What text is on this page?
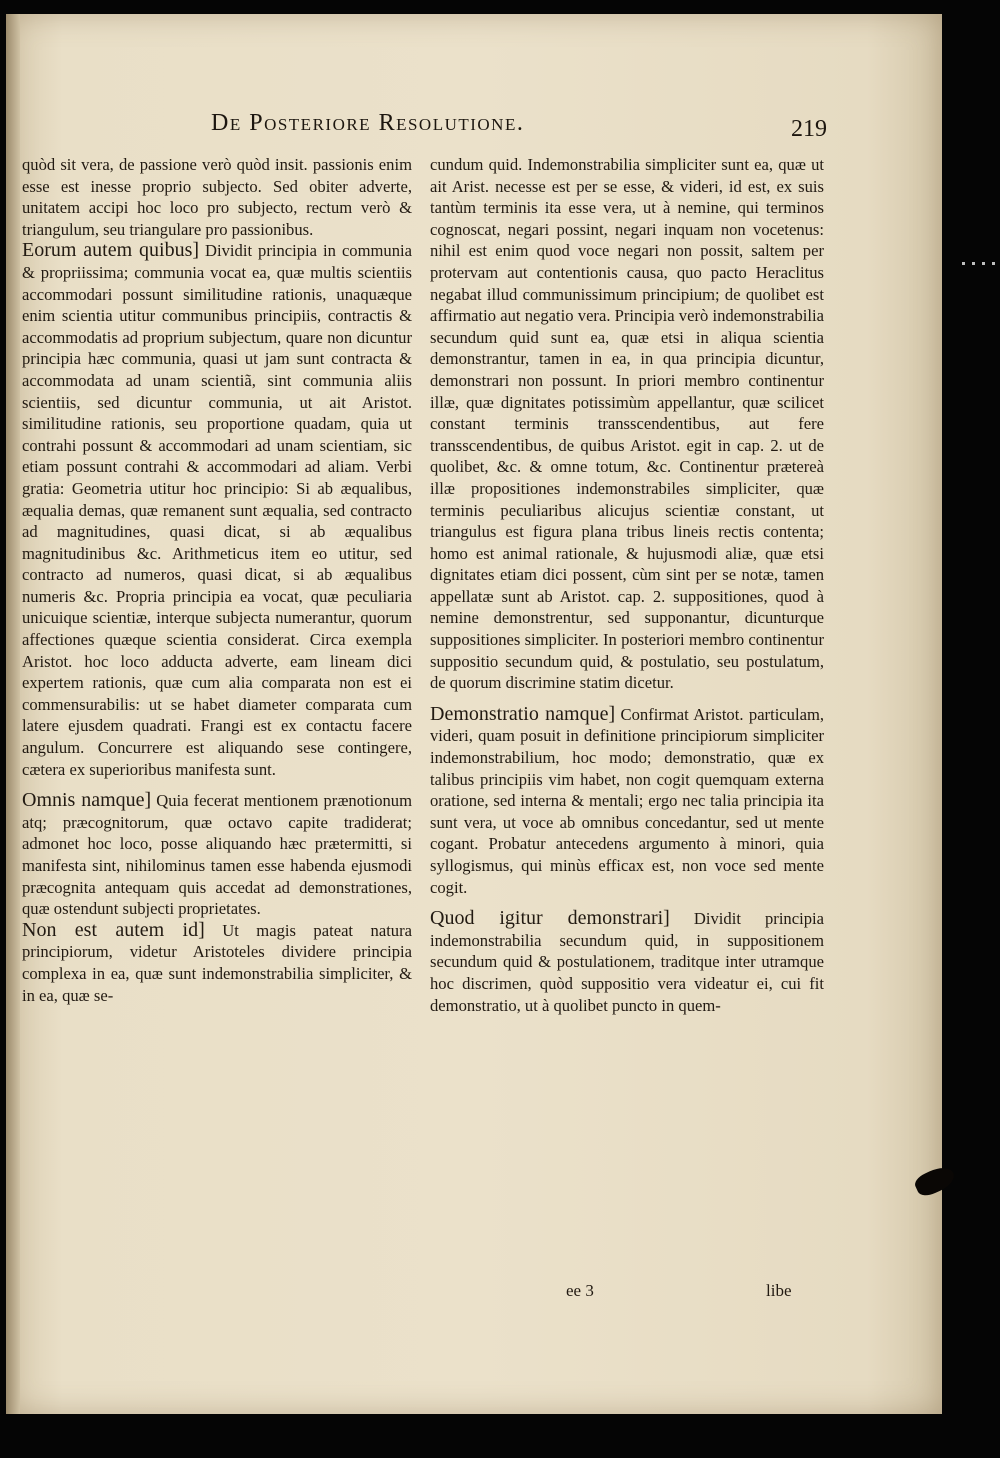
De Posteriore Resolutione.	219

quòd sit vera, de passione verò quòd insit. passionis enim esse est inesse proprio subjecto. Sed obiter adverte, unitatem accipi hoc loco pro subjecto, rectum verò & triangulum, seu triangulare pro passionibus.

Eorum autem quibus] Dividit principia in communia & propriissima; communia vocat ea, quæ multis scientiis accommodari possunt similitudine rationis, unaquæque enim scientia utitur communibus principiis, contractis & accommodatis ad proprium subjectum, quare non dicuntur principia hæc communia, quasi ut jam sunt contracta & accommodata ad unam scientiã, sint communia aliis scientiis, sed dicuntur communia, ut ait Aristot. similitudine rationis, seu proportione quadam, quia ut contrahi possunt & accommodari ad unam scientiam, sic etiam possunt contrahi & accommodari ad aliam. Verbi gratia: Geometria utitur hoc principio: Si ab æqualibus, æqualia demas, quæ remanent sunt æqualia, sed contracto ad magnitudines, quasi dicat, si ab æqualibus magnitudinibus &c. Arithmeticus item eo utitur, sed contracto ad numeros, quasi dicat, si ab æqualibus numeris &c. Propria principia ea vocat, quæ peculiaria unicuique scientiæ, interque subjecta numerantur, quorum affectiones quæque scientia considerat. Circa exempla Aristot. hoc loco adducta adverte, eam lineam dici expertem rationis, quæ cum alia comparata non est ei commensurabilis: ut se habet diameter comparata cum latere ejusdem quadrati. Frangi est ex contactu facere angulum. Concurrere est aliquando sese contingere, cætera ex superioribus manifesta sunt.

Omnis namque] Quia fecerat mentionem prænotionum atq; præcognitorum, quæ octavo capite tradiderat; admonet hoc loco, posse aliquando hæc prætermitti, si manifesta sint, nihilominus tamen esse habenda ejusmodi præcognita antequam quis accedat ad demonstrationes, quæ ostendunt subjecti proprietates.

Non est autem id] Ut magis pateat natura principiorum, videtur Aristoteles dividere principia complexa in ea, quæ sunt indemonstrabilia simpliciter, & in ea, quæ se-

cundum quid. Indemonstrabilia simpliciter sunt ea, quæ ut ait Arist. necesse est per se esse, & videri, id est, ex suis tantùm terminis ita esse vera, ut à nemine, qui terminos cognoscat, negari possint, negari inquam non vocetenus: nihil est enim quod voce negari non possit, saltem per protervam aut contentionis causa, quo pacto Heraclitus negabat illud communissimum principium; de quolibet est affirmatio aut negatio vera. Principia verò indemonstrabilia secundum quid sunt ea, quæ etsi in aliqua scientia demonstrantur, tamen in ea, in qua principia dicuntur, demonstrari non possunt. In priori membro continentur illæ, quæ dignitates potissimùm appellantur, quæ scilicet constant terminis transscendentibus, aut fere transscendentibus, de quibus Aristot. egit in cap. 2. ut de quolibet, &c. & omne totum, &c. Continentur prætereà illæ propositiones indemonstrabiles simpliciter, quæ terminis peculiaribus alicujus scientiæ constant, ut triangulus est figura plana tribus lineis rectis contenta; homo est animal rationale, & hujusmodi aliæ, quæ etsi dignitates etiam dici possent, cùm sint per se notæ, tamen appellatæ sunt ab Aristot. cap. 2. suppositiones, quod à nemine demonstrentur, sed supponantur, dicunturque suppositiones simpliciter. In posteriori membro continentur suppositio secundum quid, & postulatio, seu postulatum, de quorum discrimine statim dicetur.

Demonstratio namque] Confirmat Aristot. particulam, videri, quam posuit in definitione principiorum simpliciter indemonstrabilium, hoc modo; demonstratio, quæ ex talibus principiis vim habet, non cogit quemquam externa oratione, sed interna & mentali; ergo nec talia principia ita sunt vera, ut voce ab omnibus concedantur, sed ut mente cogant. Probatur antecedens argumento à minori, quia syllogismus, qui minùs efficax est, non voce sed mente cogit.

Quod igitur demonstrari] Dividit principia indemonstrabilia secundum quid, in suppositionem secundum quid & postulationem, traditque inter utramque hoc discrimen, quòd suppositio vera videatur ei, cui fit demonstratio, ut à quolibet puncto in quem-

ee 3	libe
